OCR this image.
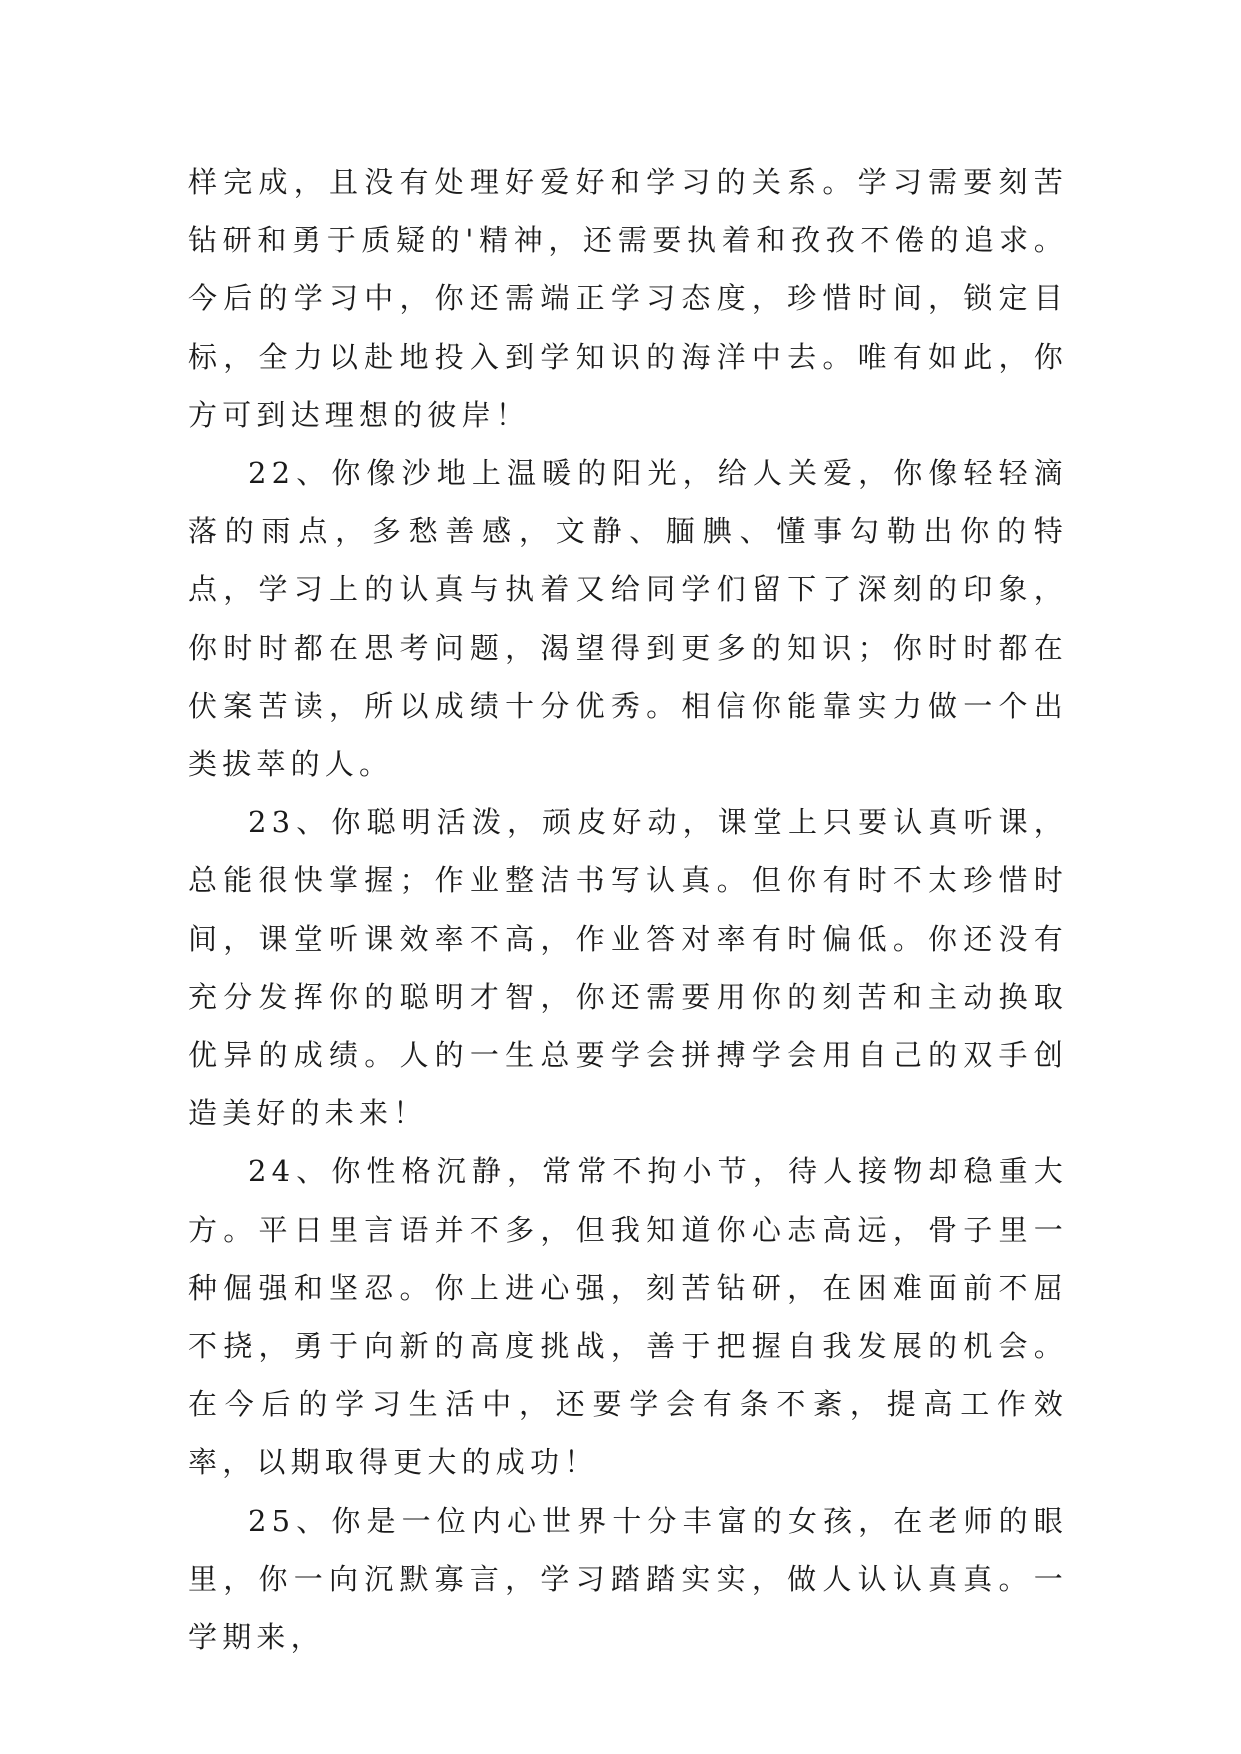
样完成，且没有处理好爱好和学习的关系。学习需要刻苦钻研和勇于质疑的'精神，还需要执着和孜孜不倦的追求。今后的学习中，你还需端正学习态度，珍惜时间，锁定目标，全力以赴地投入到学知识的海洋中去。唯有如此，你方可到达理想的彼岸！

22、你像沙地上温暖的阳光，给人关爱，你像轻轻滴落的雨点，多愁善感，文静、腼腆、懂事勾勒出你的特点，学习上的认真与执着又给同学们留下了深刻的印象，你时时都在思考问题，渴望得到更多的知识；你时时都在伏案苦读，所以成绩十分优秀。相信你能靠实力做一个出类拔萃的人。

23、你聪明活泼，顽皮好动，课堂上只要认真听课，总能很快掌握；作业整洁书写认真。但你有时不太珍惜时间，课堂听课效率不高，作业答对率有时偏低。你还没有充分发挥你的聪明才智，你还需要用你的刻苦和主动换取优异的成绩。人的一生总要学会拼搏学会用自己的双手创造美好的未来！

24、你性格沉静，常常不拘小节，待人接物却稳重大方。平日里言语并不多，但我知道你心志高远，骨子里一种倔强和坚忍。你上进心强，刻苦钻研，在困难面前不屈不挠，勇于向新的高度挑战，善于把握自我发展的机会。在今后的学习生活中，还要学会有条不紊，提高工作效率，以期取得更大的成功！

25、你是一位内心世界十分丰富的女孩，在老师的眼里，你一向沉默寡言，学习踏踏实实，做人认认真真。一学期来，
